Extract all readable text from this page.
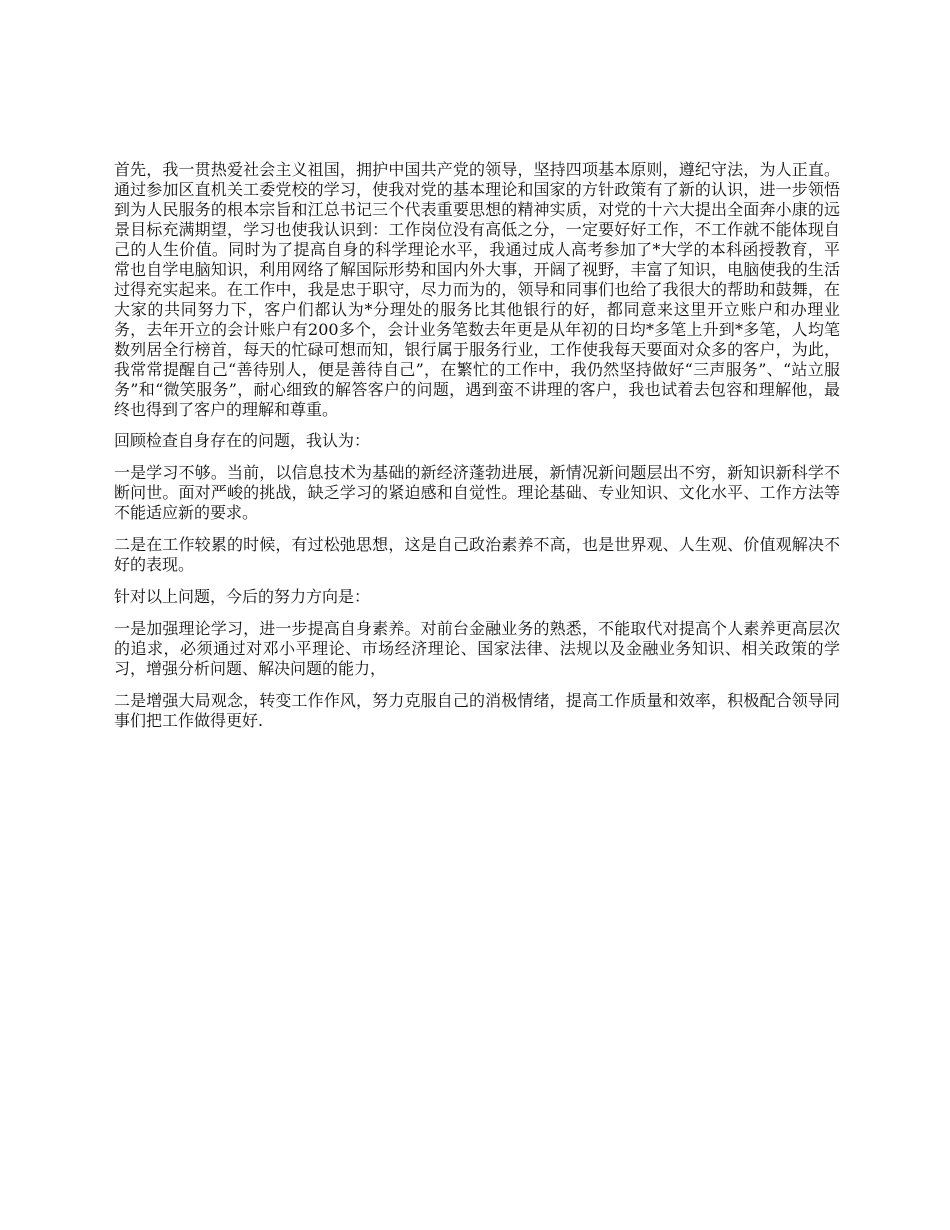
首先，我一贯热爱社会主义祖国，拥护中国共产党的领导，坚持四项基本原则，遵纪守法，为人正直。通过参加区直机关工委党校的学习，使我对党的基本理论和国家的方针政策有了新的认识，进一步领悟到为人民服务的根本宗旨和江总书记三个代表重要思想的精神实质，对党的十六大提出全面奔小康的远景目标充满期望，学习也使我认识到：工作岗位没有高低之分，一定要好好工作，不工作就不能体现自己的人生价值。同时为了提高自身的科学理论水平，我通过成人高考参加了*大学的本科函授教育，平常也自学电脑知识，利用网络了解国际形势和国内外大事，开阔了视野，丰富了知识，电脑使我的生活过得充实起来。在工作中，我是忠于职守，尽力而为的，领导和同事们也给了我很大的帮助和鼓舞，在大家的共同努力下，客户们都认为*分理处的服务比其他银行的好，都同意来这里开立账户和办理业务，去年开立的会计账户有200多个，会计业务笔数去年更是从年初的日均*多笔上升到*多笔，人均笔数列居全行榜首，每天的忙碌可想而知，银行属于服务行业，工作使我每天要面对众多的客户，为此，我常常提醒自己“善待别人，便是善待自己”，在繁忙的工作中，我仍然坚持做好“三声服务”、“站立服务”和“微笑服务”，耐心细致的解答客户的问题，遇到蛮不讲理的客户，我也试着去包容和理解他，最终也得到了客户的理解和尊重。

回顾检查自身存在的问题，我认为：

一是学习不够。当前，以信息技术为基础的新经济蓬勃进展，新情况新问题层出不穷，新知识新科学不断问世。面对严峻的挑战，缺乏学习的紧迫感和自觉性。理论基础、专业知识、文化水平、工作方法等不能适应新的要求。

二是在工作较累的时候，有过松弛思想，这是自己政治素养不高，也是世界观、人生观、价值观解决不好的表现。

针对以上问题，今后的努力方向是：

一是加强理论学习，进一步提高自身素养。对前台金融业务的熟悉，不能取代对提高个人素养更高层次的追求，必须通过对邓小平理论、市场经济理论、国家法律、法规以及金融业务知识、相关政策的学习，增强分析问题、解决问题的能力，

二是增强大局观念，转变工作作风，努力克服自己的消极情绪，提高工作质量和效率，积极配合领导同事们把工作做得更好.
